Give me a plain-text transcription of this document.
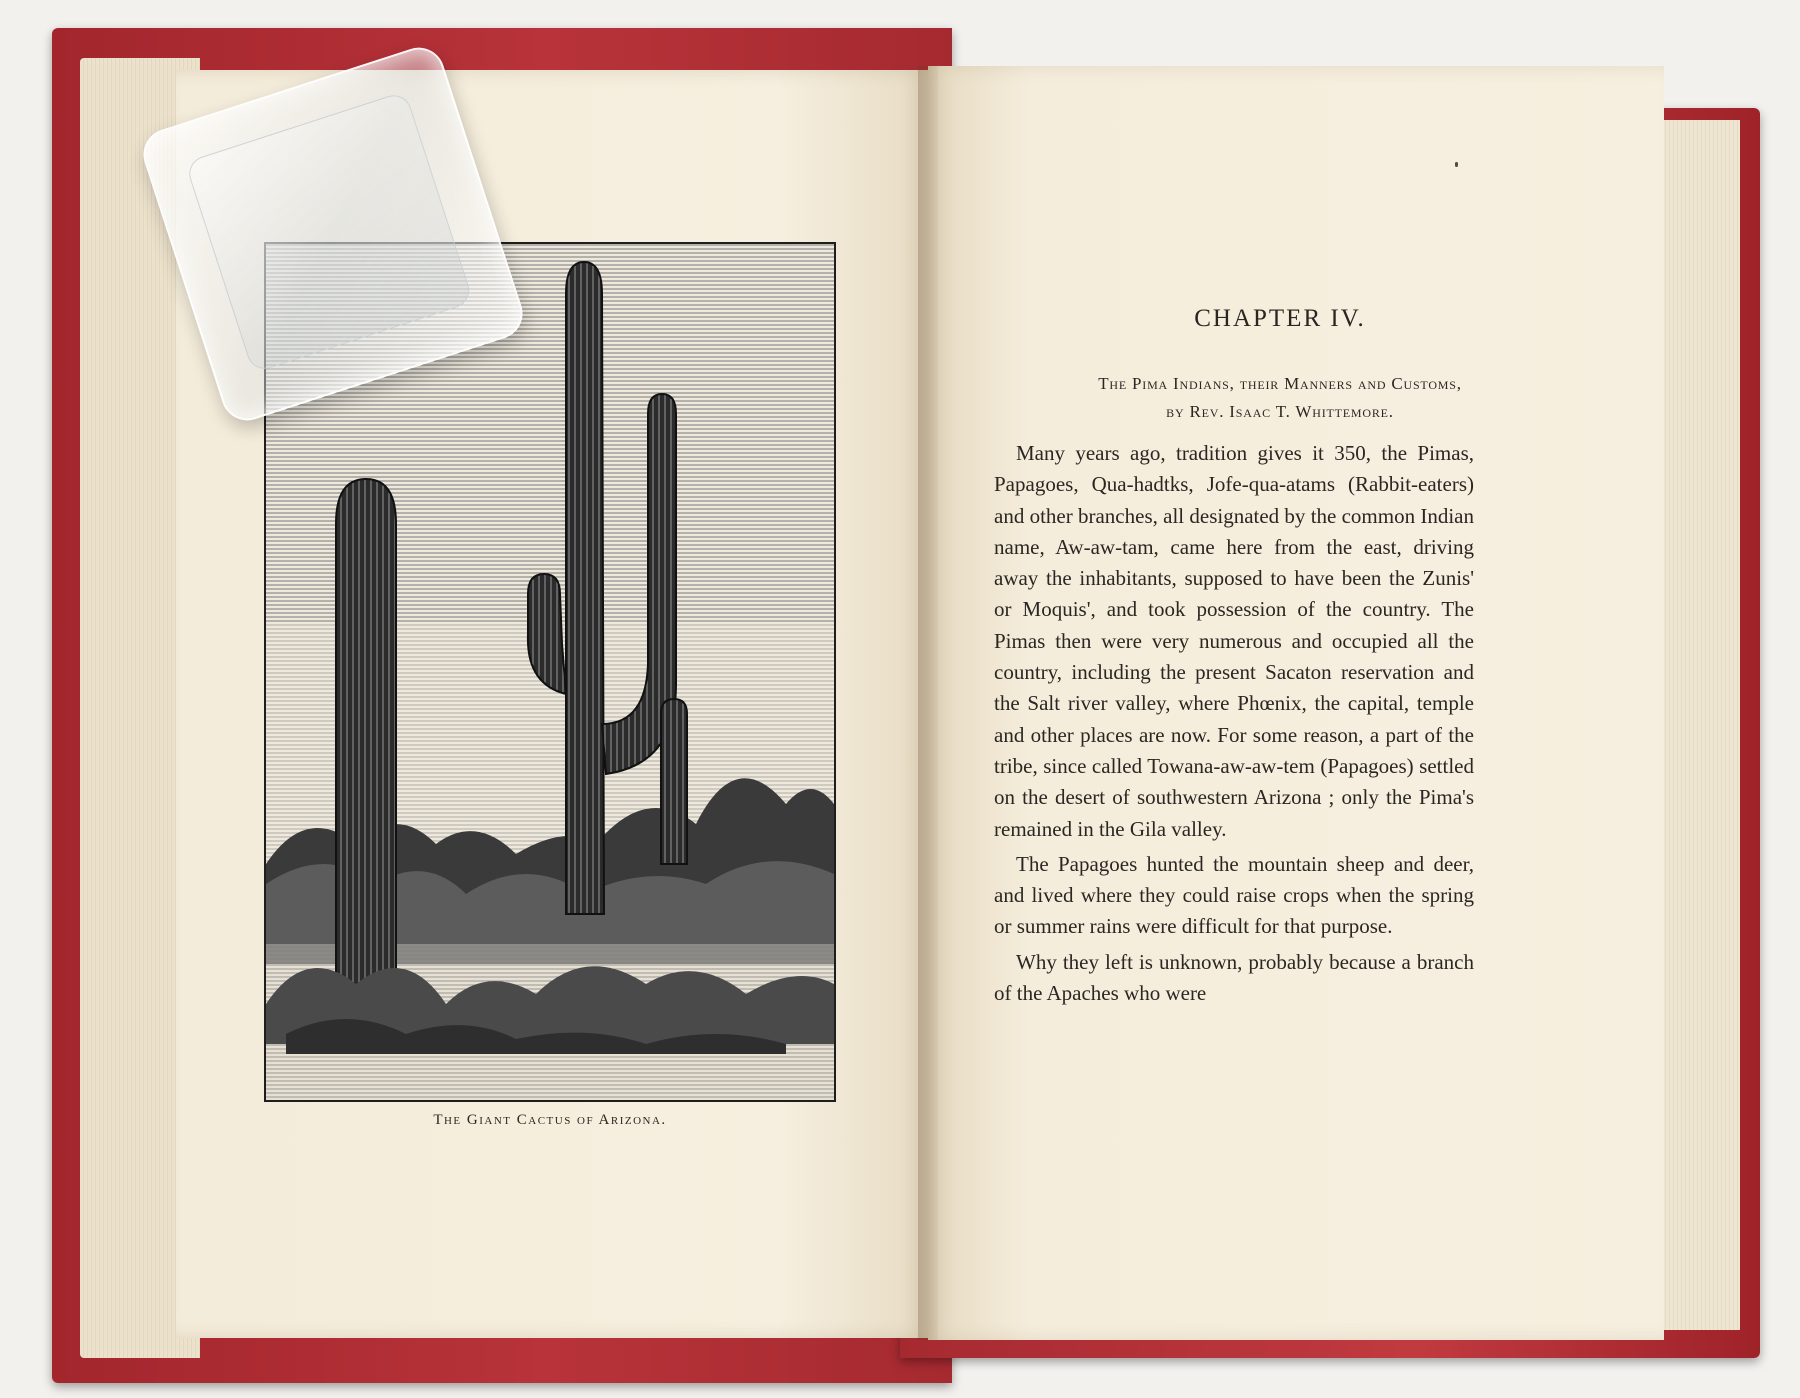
The Giant Cactus of Arizona.
CHAPTER IV.
The Pima Indians, their Manners and Customs,
by Rev. Isaac T. Whittemore.

Many years ago, tradition gives it 350, the Pimas, Papagoes, Qua-hadtks, Jofe-qua-atams (Rabbit-eaters) and other branches, all designated by the common Indian name, Aw-aw-tam, came here from the east, driving away the inhabitants, supposed to have been the Zunis' or Moquis', and took possession of the country. The Pimas then were very numerous and occupied all the country, including the present Sacaton reservation and the Salt river valley, where Phœnix, the capital, temple and other places are now. For some reason, a part of the tribe, since called Towana-aw-aw-tem (Papagoes) settled on the desert of southwestern Arizona ; only the Pima's remained in the Gila valley.

The Papagoes hunted the mountain sheep and deer, and lived where they could raise crops when the spring or summer rains were difficult for that purpose.

Why they left is unknown, probably because a branch of the Apaches who were
